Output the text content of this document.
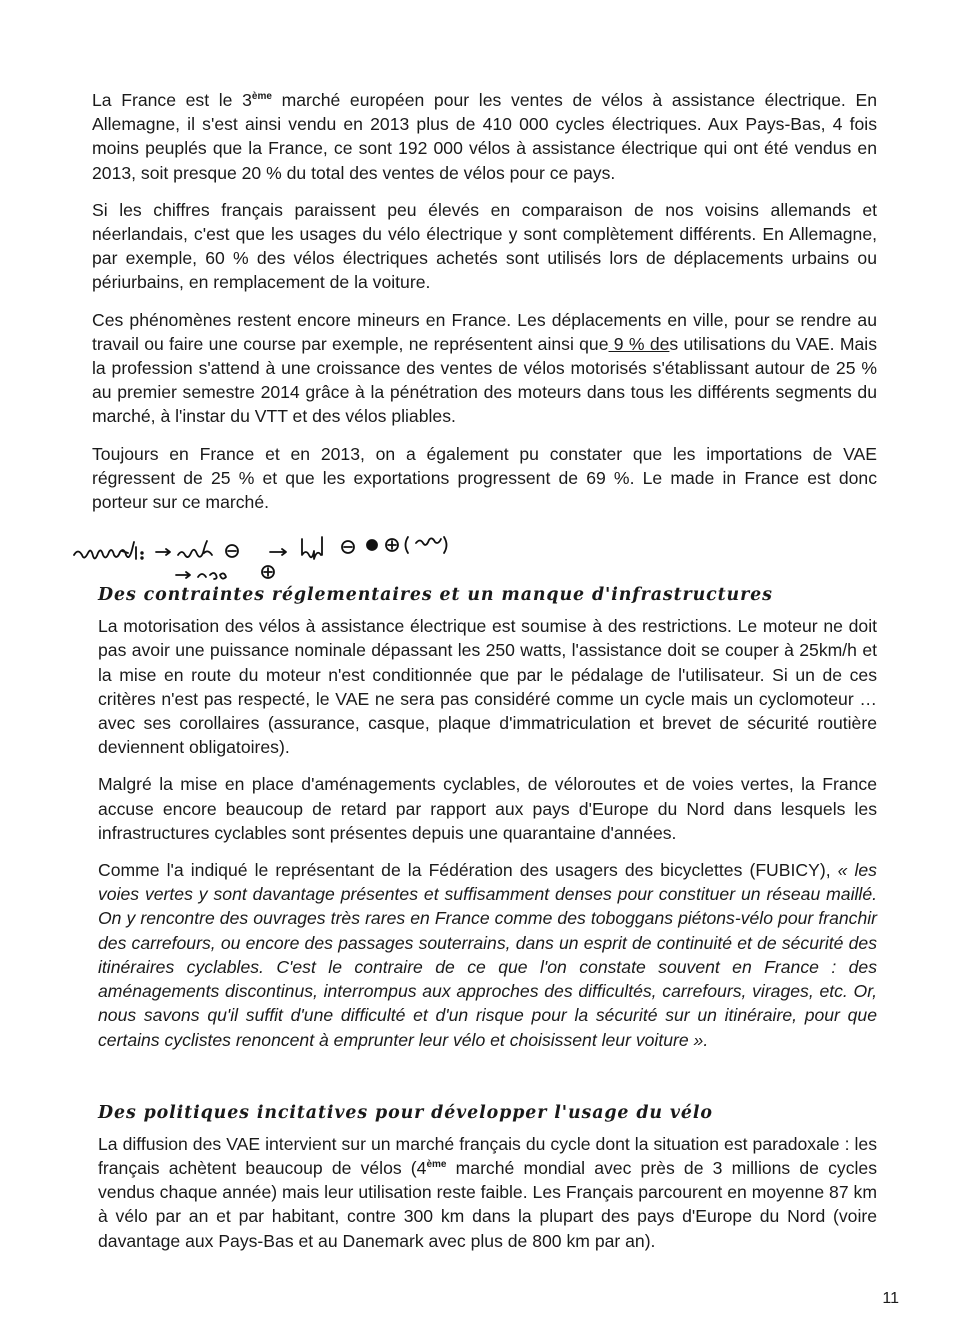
La France est le 3ème marché européen pour les ventes de vélos à assistance électrique. En Allemagne, il s'est ainsi vendu en 2013 plus de 410 000 cycles électriques. Aux Pays-Bas, 4 fois moins peuplés que la France, ce sont 192 000 vélos à assistance électrique qui ont été vendus en 2013, soit presque 20 % du total des ventes de vélos pour ce pays.

Si les chiffres français paraissent peu élevés en comparaison de nos voisins allemands et néerlandais, c'est que les usages du vélo électrique y sont complètement différents. En Allemagne, par exemple, 60 % des vélos électriques achetés sont utilisés lors de déplacements urbains ou périurbains, en remplacement de la voiture.

Ces phénomènes restent encore mineurs en France. Les déplacements en ville, pour se rendre au travail ou faire une course par exemple, ne représentent ainsi que 9 % des utilisations du VAE. Mais la profession s'attend à une croissance des ventes de vélos motorisés s'établissant autour de 25 % au premier semestre 2014 grâce à la pénétration des moteurs dans tous les différents segments du marché, à l'instar du VTT et des vélos pliables.

Toujours en France et en 2013, on a également pu constater que les importations de VAE régressent de 25 % et que les exportations progressent de 69 %. Le made in France est donc porteur sur ce marché.

Des contraintes réglementaires et un manque d'infrastructures

La motorisation des vélos à assistance électrique est soumise à des restrictions. Le moteur ne doit pas avoir une puissance nominale dépassant les 250 watts, l'assistance doit se couper à 25km/h et la mise en route du moteur n'est conditionnée que par le pédalage de l'utilisateur. Si un de ces critères n'est pas respecté, le VAE ne sera pas considéré comme un cycle mais un cyclomoteur … avec ses corollaires (assurance, casque, plaque d'immatriculation et brevet de sécurité routière deviennent obligatoires).

Malgré la mise en place d'aménagements cyclables, de véloroutes et de voies vertes, la France accuse encore beaucoup de retard par rapport aux pays d'Europe du Nord dans lesquels les infrastructures cyclables sont présentes depuis une quarantaine d'années.

Comme l'a indiqué le représentant de la Fédération des usagers des bicyclettes (FUBICY), « les voies vertes y sont davantage présentes et suffisamment denses pour constituer un réseau maillé. On y rencontre des ouvrages très rares en France comme des toboggans piétons-vélo pour franchir des carrefours, ou encore des passages souterrains, dans un esprit de continuité et de sécurité des itinéraires cyclables. C'est le contraire de ce que l'on constate souvent en France : des aménagements discontinus, interrompus aux approches des difficultés, carrefours, virages, etc. Or, nous savons qu'il suffit d'une difficulté et d'un risque pour la sécurité sur un itinéraire, pour que certains cyclistes renoncent à emprunter leur vélo et choisissent leur voiture ».

Des politiques incitatives pour développer l'usage du vélo

La diffusion des VAE intervient sur un marché français du cycle dont la situation est paradoxale : les français achètent beaucoup de vélos (4ème marché mondial avec près de 3 millions de cycles vendus chaque année) mais leur utilisation reste faible. Les Français parcourent en moyenne 87 km à vélo par an et par habitant, contre 300 km dans la plupart des pays d'Europe du Nord (voire davantage aux Pays-Bas et au Danemark avec plus de 800 km par an).

11
